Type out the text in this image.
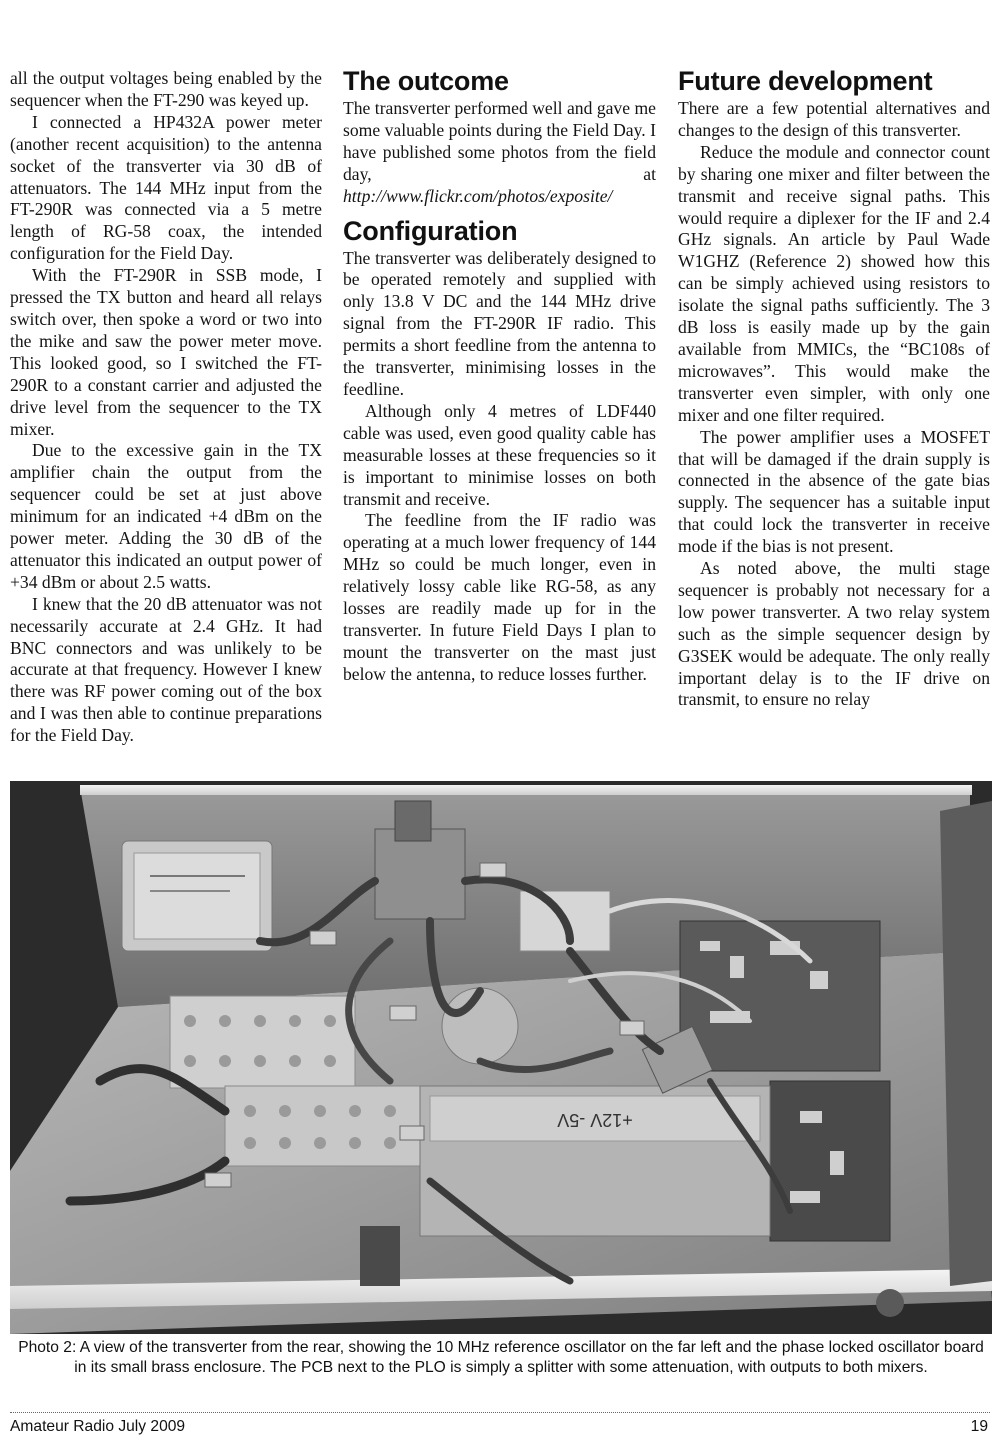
all the output voltages being enabled by the sequencer when the FT-290 was keyed up.

I connected a HP432A power meter (another recent acquisition) to the antenna socket of the transverter via 30 dB of attenuators. The 144 MHz input from the FT-290R was connected via a 5 metre length of RG-58 coax, the intended configuration for the Field Day.

With the FT-290R in SSB mode, I pressed the TX button and heard all relays switch over, then spoke a word or two into the mike and saw the power meter move. This looked good, so I switched the FT-290R to a constant carrier and adjusted the drive level from the sequencer to the TX mixer.

Due to the excessive gain in the TX amplifier chain the output from the sequencer could be set at just above minimum for an indicated +4 dBm on the power meter. Adding the 30 dB of the attenuator this indicated an output power of +34 dBm or about 2.5 watts.

I knew that the 20 dB attenuator was not necessarily accurate at 2.4 GHz. It had BNC connectors and was unlikely to be accurate at that frequency. However I knew there was RF power coming out of the box and I was then able to continue preparations for the Field Day.

The outcome

The transverter performed well and gave me some valuable points during the Field Day. I have published some photos from the field day, at http://www.flickr.com/photos/exposite/

Configuration

The transverter was deliberately designed to be operated remotely and supplied with only 13.8 V DC and the 144 MHz drive signal from the FT-290R IF radio. This permits a short feedline from the antenna to the transverter, minimising losses in the feedline.

Although only 4 metres of LDF440 cable was used, even good quality cable has measurable losses at these frequencies so it is important to minimise losses on both transmit and receive.

The feedline from the IF radio was operating at a much lower frequency of 144 MHz so could be much longer, even in relatively lossy cable like RG-58, as any losses are readily made up for in the transverter. In future Field Days I plan to mount the transverter on the mast just below the antenna, to reduce losses further.

Future development

There are a few potential alternatives and changes to the design of this transverter.

Reduce the module and connector count by sharing one mixer and filter between the transmit and receive signal paths. This would require a diplexer for the IF and 2.4 GHz signals. An article by Paul Wade W1GHZ (Reference 2) showed how this can be simply achieved using resistors to isolate the signal paths sufficiently. The 3 dB loss is easily made up by the gain available from MMICs, the “BC108s of microwaves”. This would make the transverter even simpler, with only one mixer and one filter required.

The power amplifier uses a MOSFET that will be damaged if the drain supply is connected in the absence of the gate bias supply. The sequencer has a suitable input that could lock the transverter in receive mode if the bias is not present.

As noted above, the multi stage sequencer is probably not necessary for a low power transverter. A two relay system such as the simple sequencer design by G3SEK would be adequate. The only really important delay is to the IF drive on transmit, to ensure no relay

+12V -5V
Photo 2: A view of the transverter from the rear, showing the 10 MHz reference oscillator on the far left and the phase locked oscillator board in its small brass enclosure. The PCB next to the PLO is simply a splitter with some attenuation, with outputs to both mixers.
Amateur Radio July 2009	19
